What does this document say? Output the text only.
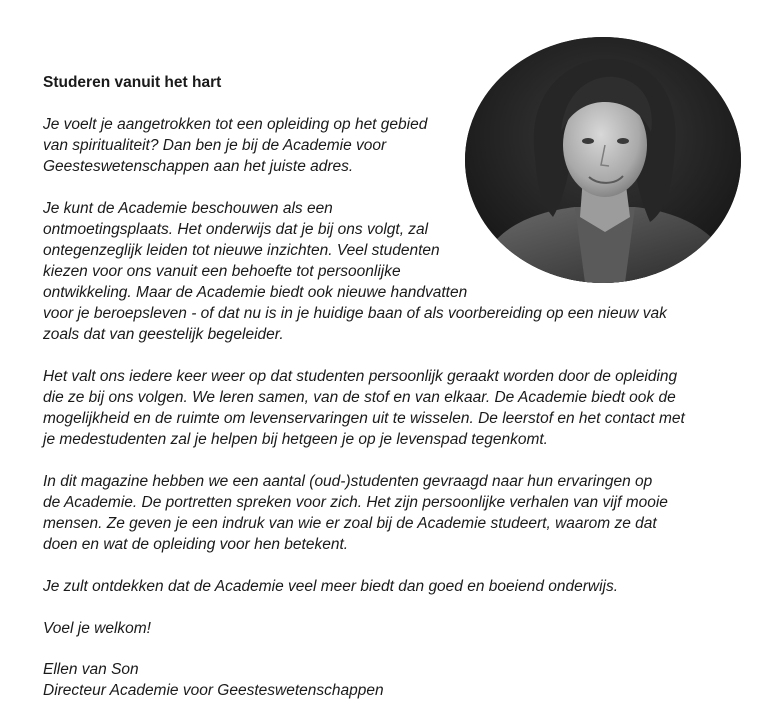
Studeren vanuit het hart

Je voelt je aangetrokken tot een opleiding op het gebied

van spiritualiteit? Dan ben je bij de Academie voor

Geesteswetenschappen aan het juiste adres.

Je kunt de Academie beschouwen als een

ontmoetingsplaats. Het onderwijs dat je bij ons volgt, zal

ontegenzeglijk leiden tot nieuwe inzichten. Veel studenten

kiezen voor ons vanuit een behoefte tot persoonlijke

ontwikkeling. Maar de Academie biedt ook nieuwe handvatten

voor je beroepsleven - of dat nu is in je huidige baan of als voorbereiding op een nieuw vak

zoals dat van geestelijk begeleider.

Het valt ons iedere keer weer op dat studenten persoonlijk geraakt worden door de opleiding

die ze bij ons volgen. We leren samen, van de stof en van elkaar. De Academie biedt ook de

mogelijkheid en de ruimte om levenservaringen uit te wisselen. De leerstof en het contact met

je medestudenten zal je helpen bij hetgeen je op je levenspad tegenkomt.

In dit magazine hebben we een aantal (oud-)studenten gevraagd naar hun ervaringen op

de Academie. De portretten spreken voor zich. Het zijn persoonlijke verhalen van vijf mooie

mensen. Ze geven je een indruk van wie er zoal bij de Academie studeert, waarom ze dat

doen en wat de opleiding voor hen betekent.

Je zult ontdekken dat de Academie veel meer biedt dan goed en boeiend onderwijs.

Voel je welkom!

Ellen van Son

Directeur Academie voor Geesteswetenschappen
